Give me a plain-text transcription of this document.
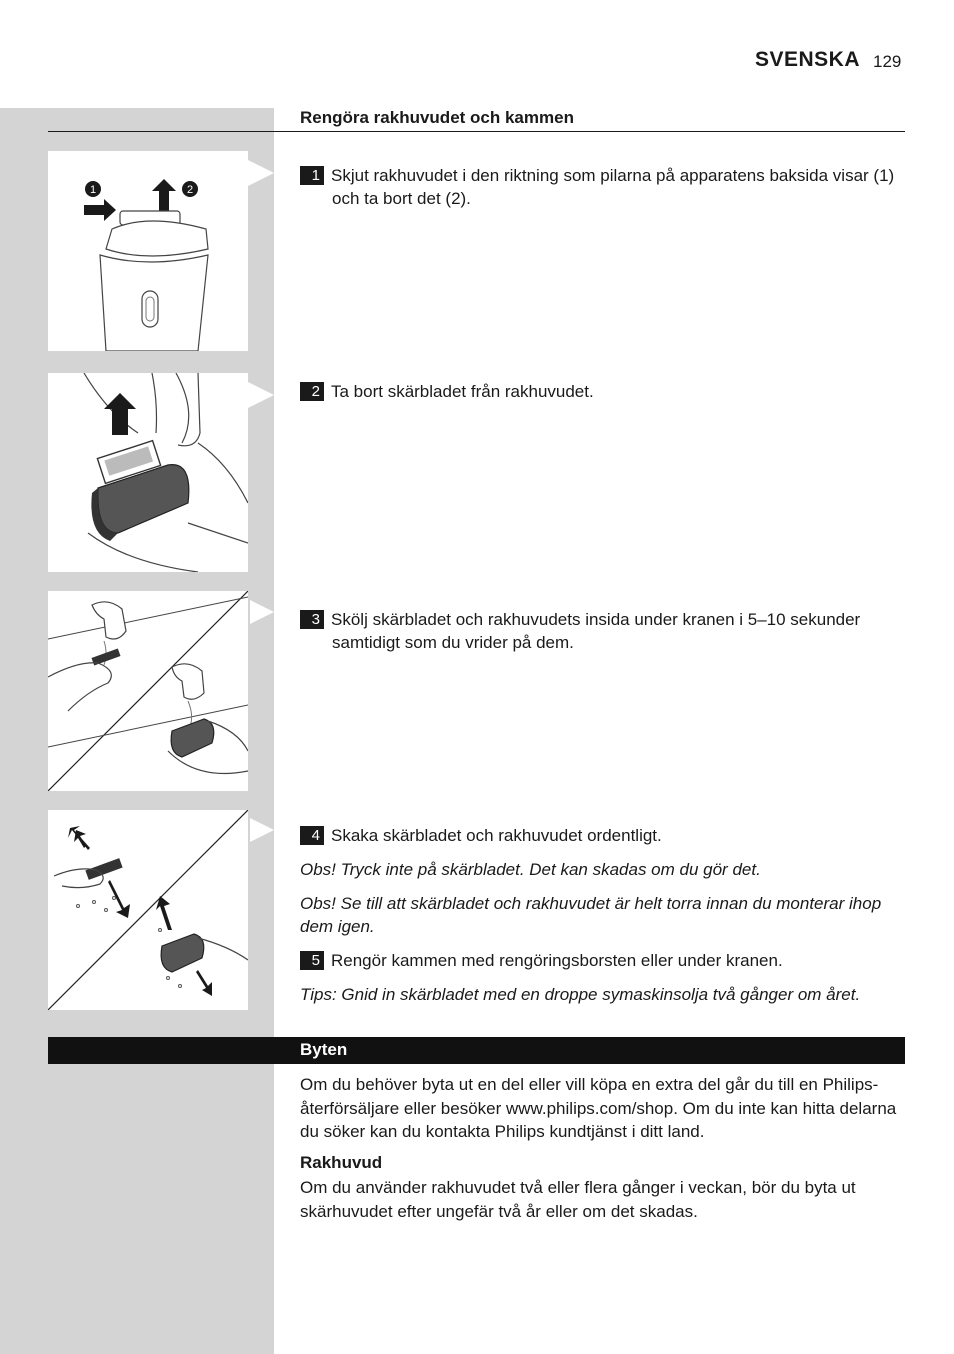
SVENSKA 129
Rengöra rakhuvudet och kammen
1	2
1 Skjut rakhuvudet i den riktning som pilarna på apparatens baksida visar (1) och ta bort det (2).
2 Ta bort skärbladet från rakhuvudet.
3 Skölj skärbladet och rakhuvudets insida under kranen i 5–10 sekunder samtidigt som du vrider på dem.
4 Skaka skärbladet och rakhuvudet ordentligt.
Obs! Tryck inte på skärbladet. Det kan skadas om du gör det.
Obs! Se till att skärbladet och rakhuvudet är helt torra innan du monterar ihop dem igen.
5 Rengör kammen med rengöringsborsten eller under kranen.
Tips: Gnid in skärbladet med en droppe symaskinsolja två gånger om året.
Byten
Om du behöver byta ut en del eller vill köpa en extra del går du till en Philips-återförsäljare eller besöker www.philips.com/shop. Om du inte kan hitta delarna du söker kan du kontakta Philips kundtjänst i ditt land.
Rakhuvud
Om du använder rakhuvudet två eller flera gånger i veckan, bör du byta ut skärhuvudet efter ungefär två år eller om det skadas.
